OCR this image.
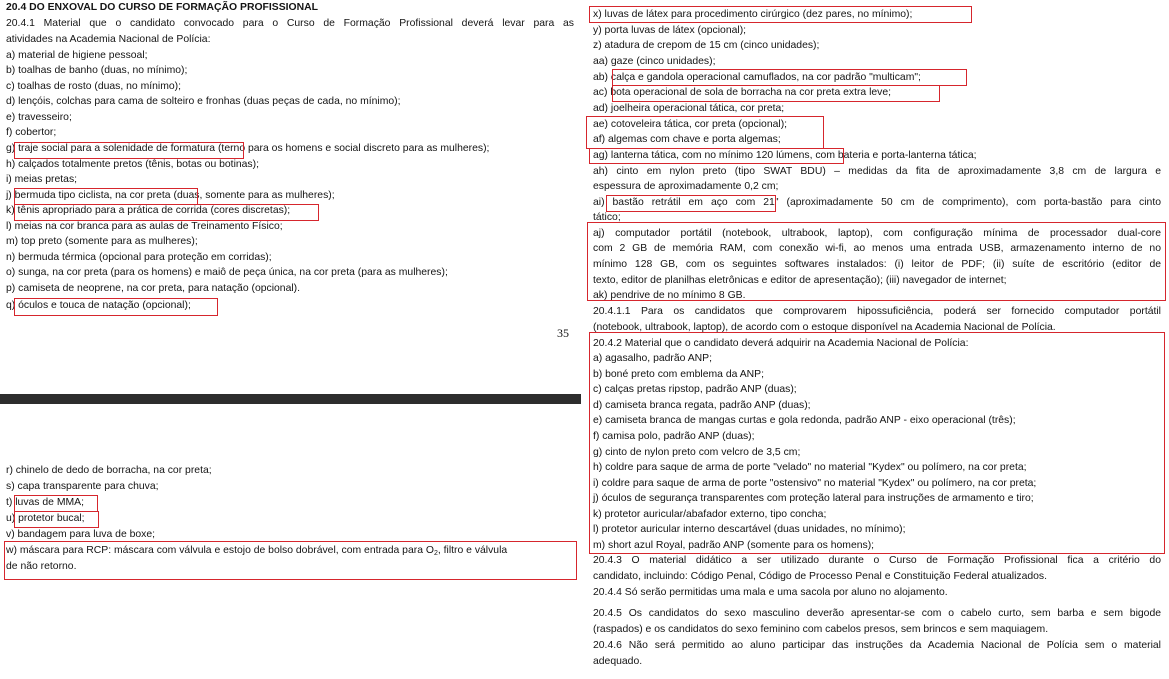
20.4 DO ENXOVAL DO CURSO DE FORMAÇÃO PROFISSIONAL
20.4.1 Material que o candidato convocado para o Curso de Formação Profissional deverá levar para as
atividades na Academia Nacional de Polícia:
a) material de higiene pessoal;
b) toalhas de banho (duas, no mínimo);
c) toalhas de rosto (duas, no mínimo);
d) lençóis, colchas para cama de solteiro e fronhas (duas peças de cada, no mínimo);
e) travesseiro;
f) cobertor;
g) traje social para a solenidade de formatura (terno para os homens e social discreto para as mulheres);
h) calçados totalmente pretos (tênis, botas ou botinas);
i) meias pretas;
j) bermuda tipo ciclista, na cor preta (duas, somente para as mulheres);
k) tênis apropriado para a prática de corrida (cores discretas);
l) meias na cor branca para as aulas de Treinamento Físico;
m) top preto (somente para as mulheres);
n) bermuda térmica (opcional para proteção em corridas);
o) sunga, na cor preta (para os homens) e maiô de peça única, na cor preta (para as mulheres);
p) camiseta de neoprene, na cor preta, para natação (opcional).
q) óculos e touca de natação (opcional);
r) chinelo de dedo de borracha, na cor preta;
s) capa transparente para chuva;
t) luvas de MMA;
u) protetor bucal;
v) bandagem para luva de boxe;
w) máscara para RCP: máscara com válvula e estojo de bolso dobrável, com entrada para $O_2$, filtro e válvula
de não retorno.
35
x) luvas de látex para procedimento cirúrgico (dez pares, no mínimo);
y) porta luvas de látex (opcional);
z) atadura de crepom de 15 cm (cinco unidades);
aa) gaze (cinco unidades);
ab) calça e gandola operacional camuflados, na cor padrão "multicam";
ac) bota operacional de sola de borracha na cor preta extra leve;
ad) joelheira operacional tática, cor preta;
ae) cotoveleira tática, cor preta (opcional);
af) algemas com chave e porta algemas;
ag) lanterna tática, com no mínimo 120 lúmens, com bateria e porta-lanterna tática;
ah) cinto em nylon preto (tipo SWAT BDU) – medidas da fita de aproximadamente 3,8 cm de largura e
espessura de aproximadamente 0,2 cm;
ai) bastão retrátil em aço com 21" (aproximadamente 50 cm de comprimento), com porta-bastão para cinto
tático;
aj) computador portátil (notebook, ultrabook, laptop), com configuração mínima de processador dual-core
com 2 GB de memória RAM, com conexão wi-fi, ao menos uma entrada USB, armazenamento interno de no
mínimo 128 GB, com os seguintes softwares instalados: (i) leitor de PDF; (ii) suíte de escritório (editor de
texto, editor de planilhas eletrônicas e editor de apresentação); (iii) navegador de internet;
ak) pendrive de no mínimo 8 GB.
20.4.1.1 Para os candidatos que comprovarem hipossuficiência, poderá ser fornecido computador portátil
(notebook, ultrabook, laptop), de acordo com o estoque disponível na Academia Nacional de Polícia.
20.4.2 Material que o candidato deverá adquirir na Academia Nacional de Polícia:
a) agasalho, padrão ANP;
b) boné preto com emblema da ANP;
c) calças pretas ripstop, padrão ANP (duas);
d) camiseta branca regata, padrão ANP (duas);
e) camiseta branca de mangas curtas e gola redonda, padrão ANP - eixo operacional (três);
f) camisa polo, padrão ANP (duas);
g) cinto de nylon preto com velcro de 3,5 cm;
h) coldre para saque de arma de porte "velado" no material "Kydex" ou polímero, na cor preta;
i) coldre para saque de arma de porte "ostensivo" no material "Kydex" ou polímero, na cor preta;
j) óculos de segurança transparentes com proteção lateral para instruções de armamento e tiro;
k) protetor auricular/abafador externo, tipo concha;
l) protetor auricular interno descartável (duas unidades, no mínimo);
m) short azul Royal, padrão ANP (somente para os homens);
20.4.3 O material didático a ser utilizado durante o Curso de Formação Profissional fica a critério do
candidato, incluindo: Código Penal, Código de Processo Penal e Constituição Federal atualizados.
20.4.4 Só serão permitidas uma mala e uma sacola por aluno no alojamento.
20.4.5 Os candidatos do sexo masculino deverão apresentar-se com o cabelo curto, sem barba e sem bigode
(raspados) e os candidatos do sexo feminino com cabelos presos, sem brincos e sem maquiagem.
20.4.6 Não será permitido ao aluno participar das instruções da Academia Nacional de Polícia sem o material
adequado.
